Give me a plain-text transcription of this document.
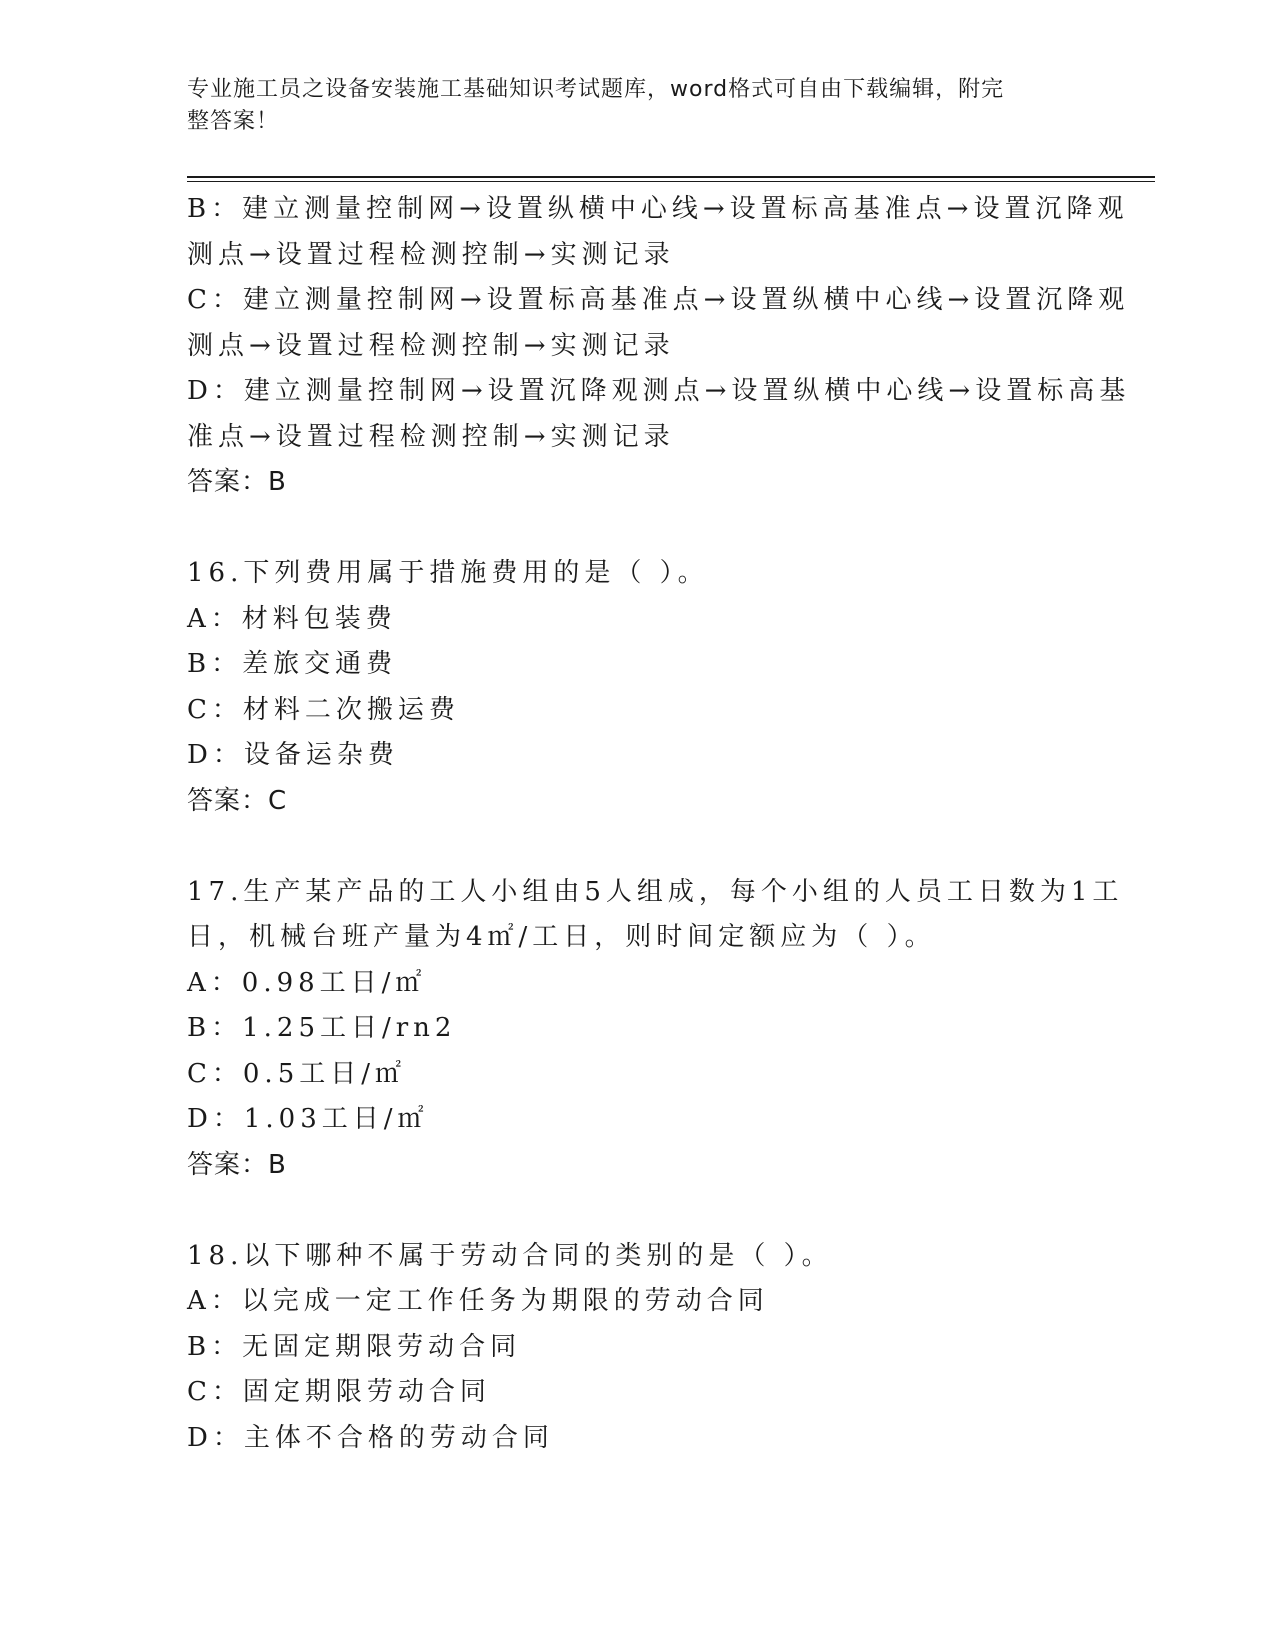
专业施工员之设备安装施工基础知识考试题库，word格式可自由下载编辑，附完
整答案！
B：建立测量控制网→设置纵横中心线→设置标高基准点→设置沉降观
测点→设置过程检测控制→实测记录
C：建立测量控制网→设置标高基准点→设置纵横中心线→设置沉降观
测点→设置过程检测控制→实测记录
D：建立测量控制网→设置沉降观测点→设置纵横中心线→设置标高基
准点→设置过程检测控制→实测记录
答案：B
16.下列费用属于措施费用的是（ ）。
A：材料包装费
B：差旅交通费
C：材料二次搬运费
D：设备运杂费
答案：C
17.生产某产品的工人小组由5人组成，每个小组的人员工日数为1工
日，机械台班产量为4㎡/工日，则时间定额应为（ ）。
A：0.98工日/㎡
B：1.25工日/rn2
C：0.5工日/㎡
D：1.03工日/㎡
答案：B
18.以下哪种不属于劳动合同的类别的是（ ）。
A：以完成一定工作任务为期限的劳动合同
B：无固定期限劳动合同
C：固定期限劳动合同
D：主体不合格的劳动合同
